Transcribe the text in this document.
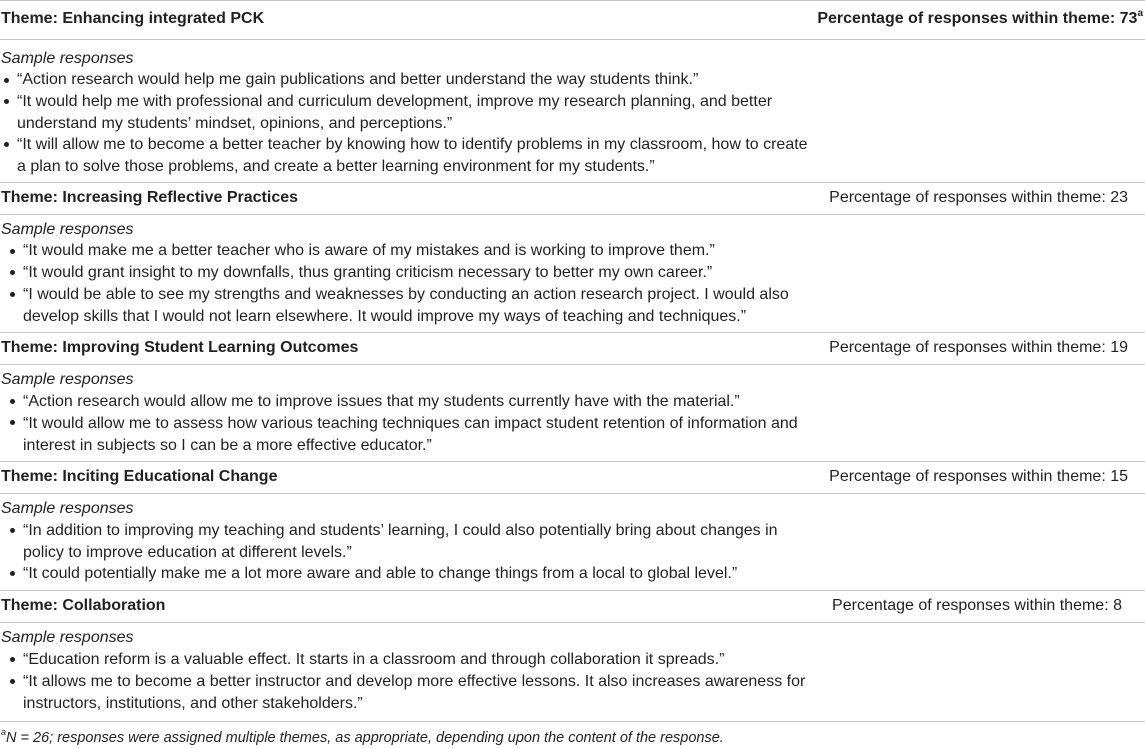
Theme: Enhancing integrated PCK	Percentage of responses within theme: 73$^a$
Sample responses
“Action research would help me gain publications and better understand the way students think.”
“It would help me with professional and curriculum development, improve my research planning, and better understand my students’ mindset, opinions, and perceptions.”
“It will allow me to become a better teacher by knowing how to identify problems in my classroom, how to create a plan to solve those problems, and create a better learning environment for my students.”
Theme: Increasing Reflective Practices	Percentage of responses within theme: 23
Sample responses
“It would make me a better teacher who is aware of my mistakes and is working to improve them.”
“It would grant insight to my downfalls, thus granting criticism necessary to better my own career.”
“I would be able to see my strengths and weaknesses by conducting an action research project. I would also develop skills that I would not learn elsewhere. It would improve my ways of teaching and techniques.”
Theme: Improving Student Learning Outcomes	Percentage of responses within theme: 19
Sample responses
“Action research would allow me to improve issues that my students currently have with the material.”
“It would allow me to assess how various teaching techniques can impact student retention of information and interest in subjects so I can be a more effective educator.”
Theme: Inciting Educational Change	Percentage of responses within theme: 15
Sample responses
“In addition to improving my teaching and students’ learning, I could also potentially bring about changes in policy to improve education at different levels.”
“It could potentially make me a lot more aware and able to change things from a local to global level.”
Theme: Collaboration	Percentage of responses within theme: 8
Sample responses
“Education reform is a valuable effect. It starts in a classroom and through collaboration it spreads.”
“It allows me to become a better instructor and develop more effective lessons. It also increases awareness for instructors, institutions, and other stakeholders.”
$^a$N = 26; responses were assigned multiple themes, as appropriate, depending upon the content of the response.
